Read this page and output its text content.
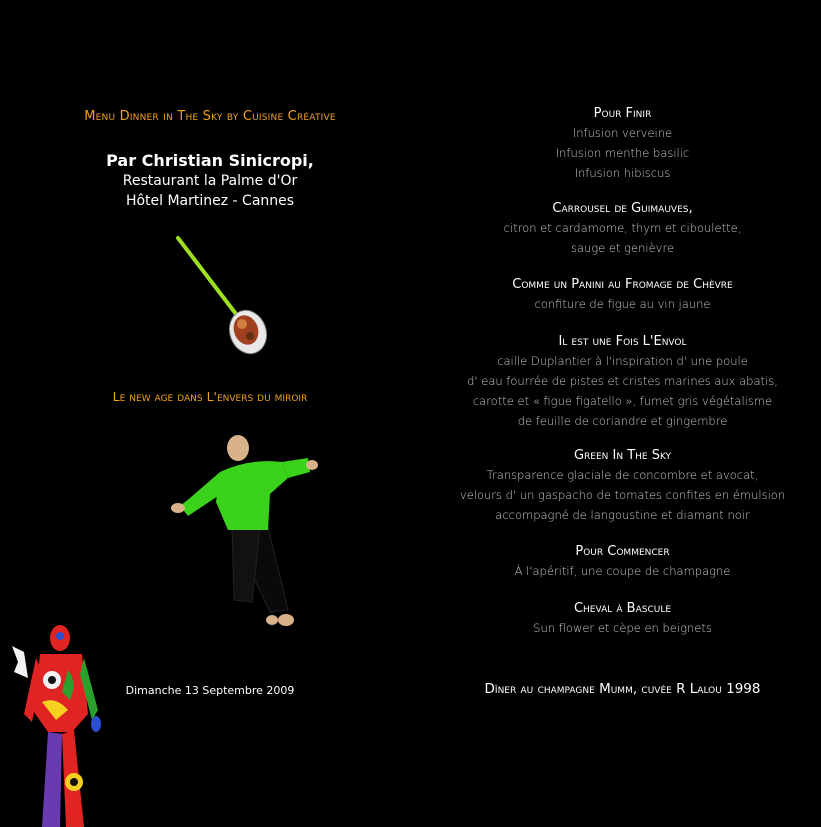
Menu Dinner in The Sky by Cuisine Créative
Par Christian Sinicropi,
Restaurant la Palme d'Or
Hôtel Martinez - Cannes
Le new age dans L'envers du miroir
Dimanche 13 Septembre 2009
Pour Finir
Infusion verveine
Infusion menthe basilic
Infusion hibiscus
Carrousel de Guimauves,
citron et cardamome, thym et ciboulette,
sauge et genièvre
Comme un Panini au Fromage de Chèvre
confiture de figue au vin jaune
Il est une Fois L'Envol
caille Duplantier à l'inspiration d' une poule
d' eau fourrée de pistes et cristes marines aux abatis,
carotte et « figue figatello », fumet gris végétalisme
de feuille de coriandre et gingembre
Green In The Sky
Transparence glaciale de concombre et avocat,
velours d' un gaspacho de tomates confites en émulsion
accompagné de langoustine et diamant noir
Pour Commencer
À l'apéritif, une coupe de champagne
Cheval à Bascule
Sun flower et cèpe en beignets
Dîner au champagne Mumm, cuvée R Lalou 1998
